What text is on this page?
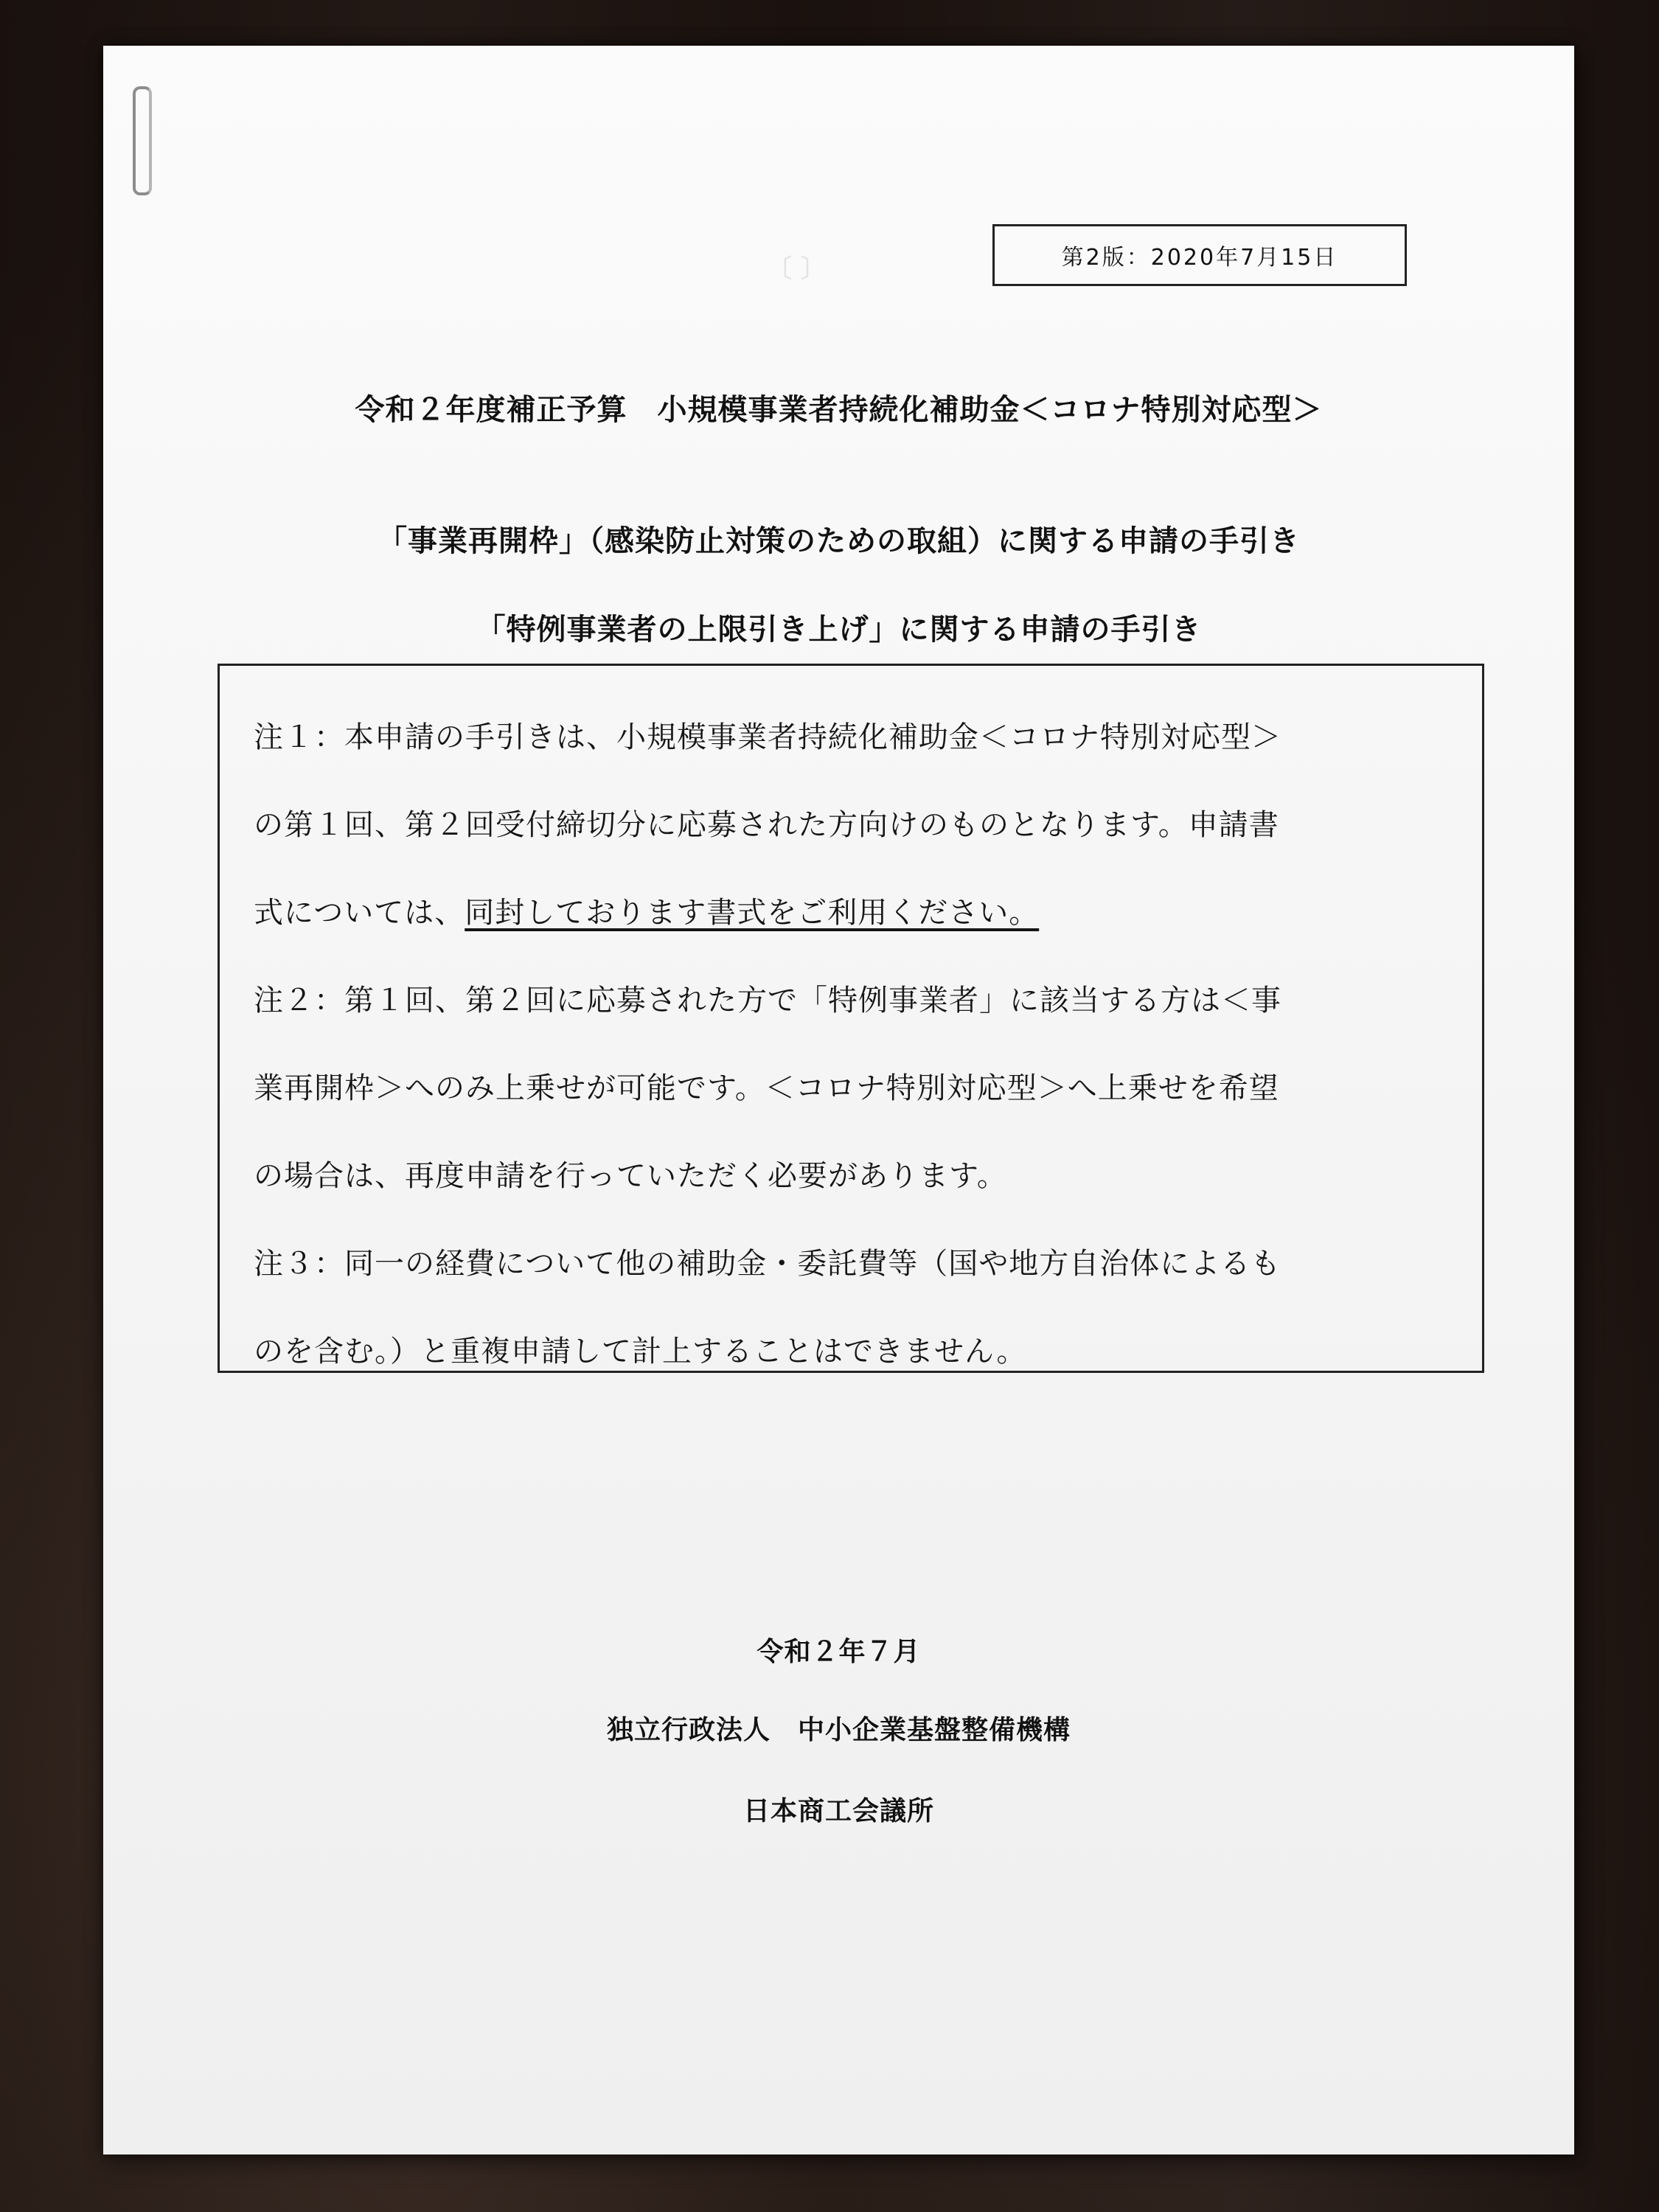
〔 〕	第2版：2020年7月15日
令和２年度補正予算　小規模事業者持続化補助金＜コロナ特別対応型＞
「事業再開枠」（感染防止対策のための取組）に関する申請の手引き
「特例事業者の上限引き上げ」に関する申請の手引き
注１：本申請の手引きは、小規模事業者持続化補助金＜コロナ特別対応型＞
の第１回、第２回受付締切分に応募された方向けのものとなります。申請書
式については、同封しております書式をご利用ください。
注２：第１回、第２回に応募された方で「特例事業者」に該当する方は＜事
業再開枠＞へのみ上乗せが可能です。＜コロナ特別対応型＞へ上乗せを希望
の場合は、再度申請を行っていただく必要があります。
注３：同一の経費について他の補助金・委託費等（国や地方自治体によるも
のを含む。）と重複申請して計上することはできません。
令和２年７月
独立行政法人　中小企業基盤整備機構
日本商工会議所
